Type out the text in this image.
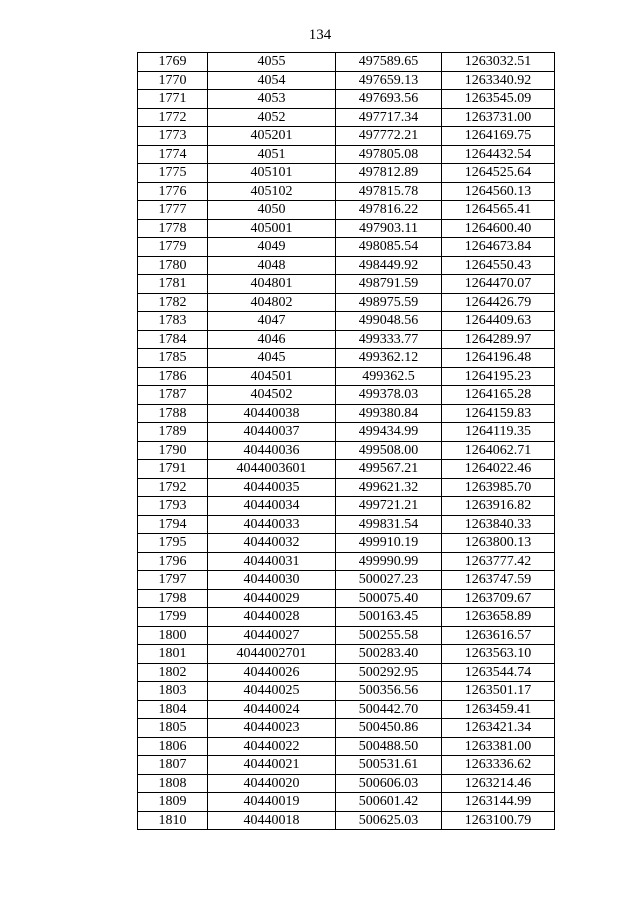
134
1769	4055	497589.65	1263032.51
1770	4054	497659.13	1263340.92
1771	4053	497693.56	1263545.09
1772	4052	497717.34	1263731.00
1773	405201	497772.21	1264169.75
1774	4051	497805.08	1264432.54
1775	405101	497812.89	1264525.64
1776	405102	497815.78	1264560.13
1777	4050	497816.22	1264565.41
1778	405001	497903.11	1264600.40
1779	4049	498085.54	1264673.84
1780	4048	498449.92	1264550.43
1781	404801	498791.59	1264470.07
1782	404802	498975.59	1264426.79
1783	4047	499048.56	1264409.63
1784	4046	499333.77	1264289.97
1785	4045	499362.12	1264196.48
1786	404501	499362.5	1264195.23
1787	404502	499378.03	1264165.28
1788	40440038	499380.84	1264159.83
1789	40440037	499434.99	1264119.35
1790	40440036	499508.00	1264062.71
1791	4044003601	499567.21	1264022.46
1792	40440035	499621.32	1263985.70
1793	40440034	499721.21	1263916.82
1794	40440033	499831.54	1263840.33
1795	40440032	499910.19	1263800.13
1796	40440031	499990.99	1263777.42
1797	40440030	500027.23	1263747.59
1798	40440029	500075.40	1263709.67
1799	40440028	500163.45	1263658.89
1800	40440027	500255.58	1263616.57
1801	4044002701	500283.40	1263563.10
1802	40440026	500292.95	1263544.74
1803	40440025	500356.56	1263501.17
1804	40440024	500442.70	1263459.41
1805	40440023	500450.86	1263421.34
1806	40440022	500488.50	1263381.00
1807	40440021	500531.61	1263336.62
1808	40440020	500606.03	1263214.46
1809	40440019	500601.42	1263144.99
1810	40440018	500625.03	1263100.79
